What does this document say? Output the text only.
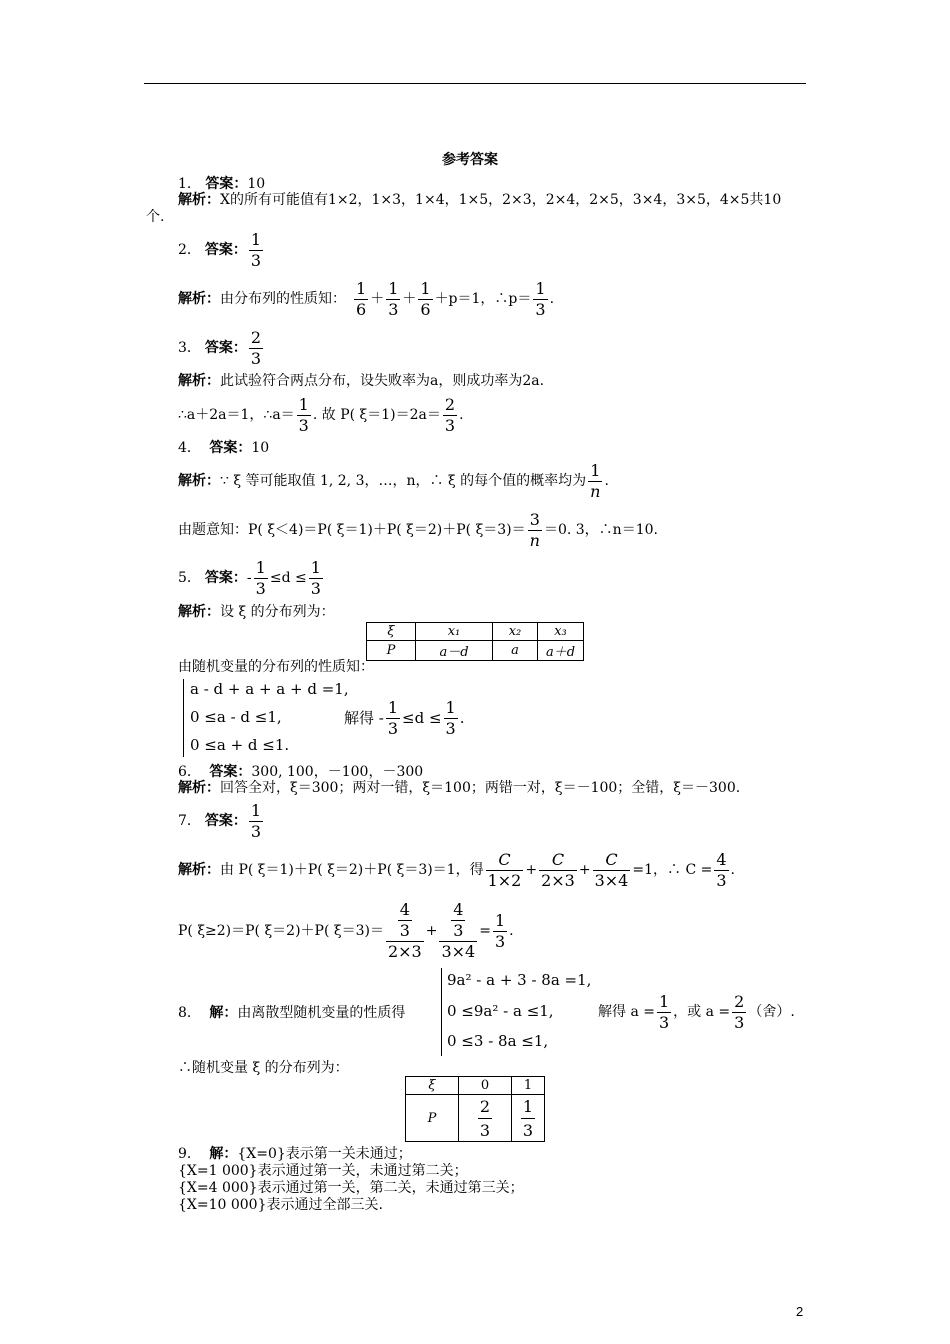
参考答案
1． 答案：10
解析：X的所有可能值有1×2，1×3，1×4，1×5，2×3，2×4，2×5，3×4，3×5，4×5共10
个.
2． 答案： $\frac{1}{3}$
解析： 由分布列的性质知： $\frac{1}{6} + \frac{1}{3} + \frac{1}{6} +p=1$，∴p＝ $\frac{1}{3}$ .
3． 答案： $\frac{2}{3}$
解析：此试验符合两点分布，设失败率为a，则成功率为2a.
∴a＋2a＝1，∴a＝ $\frac{1}{3}$ . 故 P( $\xi=1)=2a= \frac{2}{3}$ .
4． 答案：10
解析： ∵ ξ 等可能取值 1, 2, 3，…，n，∴ ξ 的每个值的概率均为 $\frac{1}{n}$ .
由题意知：P( ξ＜4)＝P( ξ＝1)＋P( ξ＝2)＋P( $\xi=3)= \frac{3}{n} =0$. 3，∴n＝10.
5． 答案： - $\frac{1}{3} \le d \le \frac{1}{3}$
解析：设 ξ 的分布列为：
ξ	x₁	x₂	x₃
P	a－d	a	a＋d
由随机变量的分布列的性质知：
a - d + a + a + d =1,
0 ≤a - d ≤1,
0 ≤a + d ≤1.
解得 - $\frac{1}{3} \le d \le \frac{1}{3}$ .
6． 答案：300, 100，－100，－300
解析：回答全对，ξ＝300；两对一错，ξ＝100；两错一对，ξ＝－100；全错，ξ＝－300.
7． 答案： $\frac{1}{3}$
解析： 由 P( ξ＝1)＋P( ξ＝2)＋P( ξ＝3)＝1，得 $\frac{C}{1\times 2} + \frac{C}{2\times 3} + \frac{C}{3\times 4} =1$，∴ $C = \frac{4}{3}$ .
P( ξ≥2)＝P( ξ＝2)＋P( ξ＝3)＝ 4
3
2×3 + 4
3
$3\times 4 = \frac{1}{3}$ .
8． 解：由离散型随机变量的性质得
9a² - a + 3 - 8a =1,
0 ≤9a² - a ≤1,
0 ≤3 - 8a ≤1,
解得 $a = \frac{1}{3}$ ，或 $a = \frac{2}{3}$ （舍）.
∴随机变量 ξ 的分布列为：
ξ	0	1
P	$\frac{2}{3}$	$\frac{1}{3}$
9． 解：{X=0}表示第一关未通过；
{X=1 000}表示通过第一关，未通过第二关；
{X=4 000}表示通过第一关，第二关，未通过第三关；
{X=10 000}表示通过全部三关.
2
